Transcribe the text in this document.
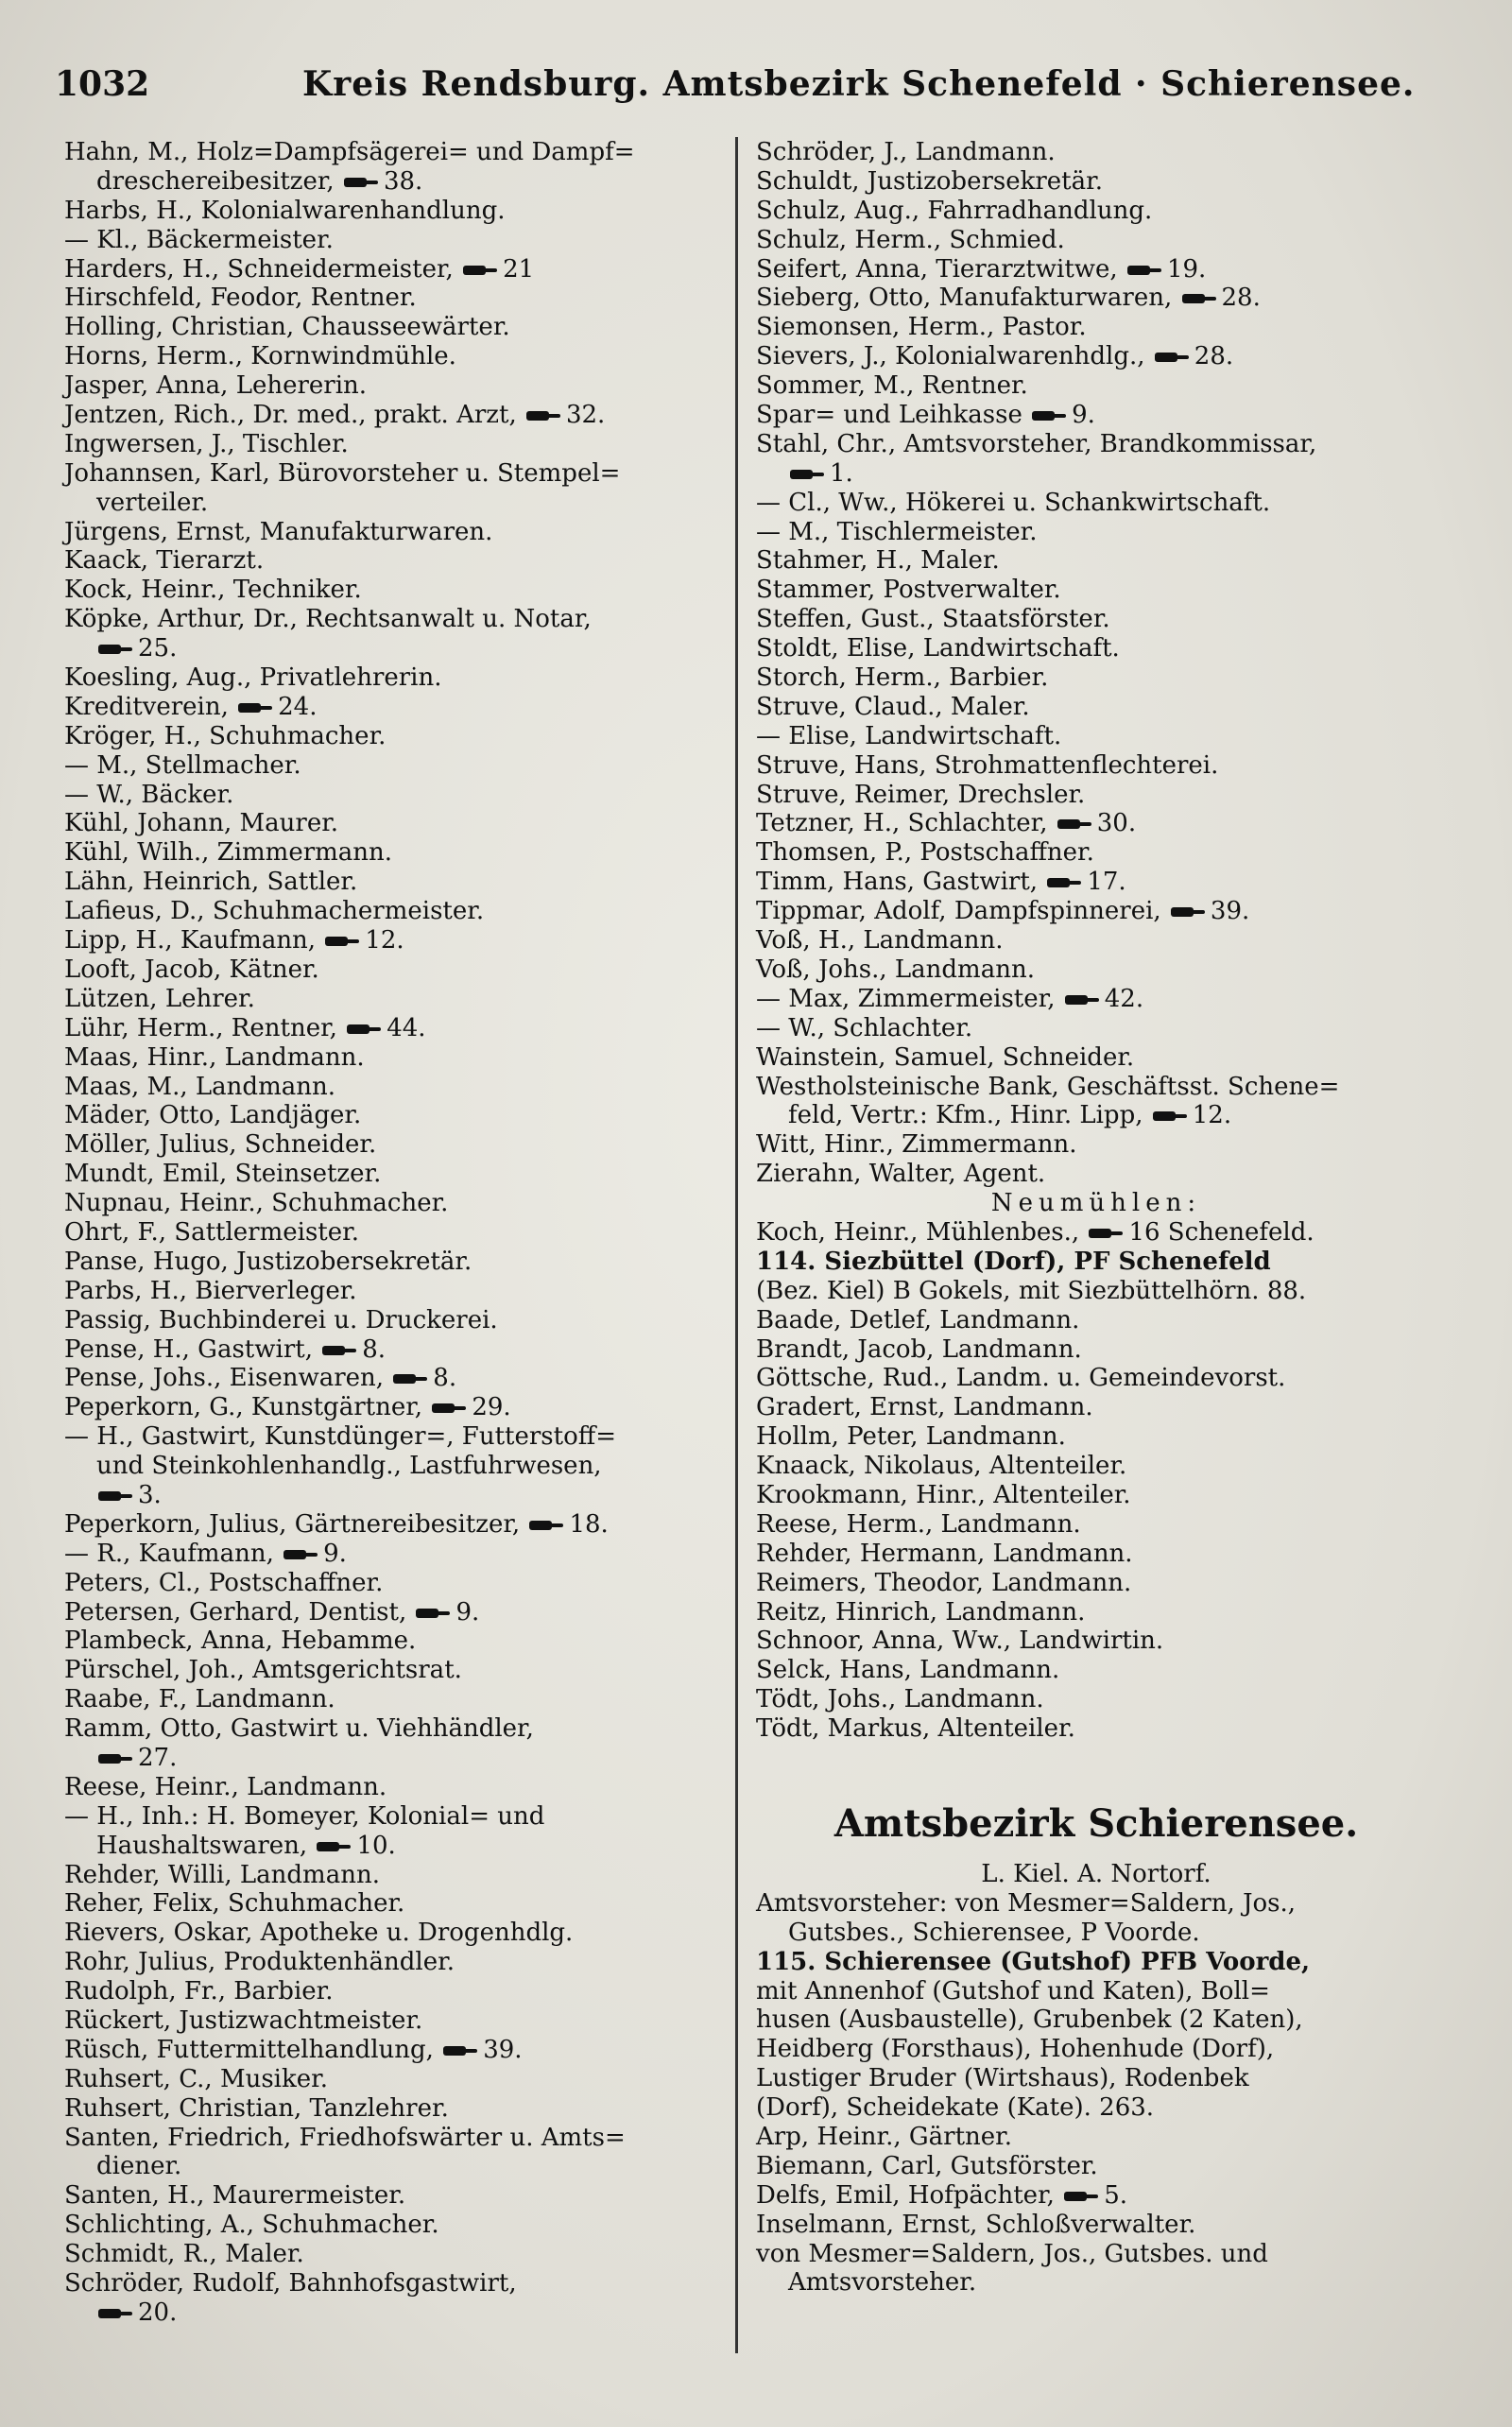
1032	Kreis Rendsburg. Amtsbezirk Schenefeld · Schierensee.
Hahn, M., Holz=Dampfsägerei= und Dampf=
dreschereibesitzer, 38.
Harbs, H., Kolonialwarenhandlung.
— Kl., Bäckermeister.
Harders, H., Schneidermeister, 21
Hirschfeld, Feodor, Rentner.
Holling, Christian, Chausseewärter.
Horns, Herm., Kornwindmühle.
Jasper, Anna, Lehererin.
Jentzen, Rich., Dr. med., prakt. Arzt, 32.
Ingwersen, J., Tischler.
Johannsen, Karl, Bürovorsteher u. Stempel=
verteiler.
Jürgens, Ernst, Manufakturwaren.
Kaack, Tierarzt.
Kock, Heinr., Techniker.
Köpke, Arthur, Dr., Rechtsanwalt u. Notar,
25.
Koesling, Aug., Privatlehrerin.
Kreditverein, 24.
Kröger, H., Schuhmacher.
— M., Stellmacher.
— W., Bäcker.
Kühl, Johann, Maurer.
Kühl, Wilh., Zimmermann.
Lähn, Heinrich, Sattler.
Lafieus, D., Schuhmachermeister.
Lipp, H., Kaufmann, 12.
Looft, Jacob, Kätner.
Lützen, Lehrer.
Lühr, Herm., Rentner, 44.
Maas, Hinr., Landmann.
Maas, M., Landmann.
Mäder, Otto, Landjäger.
Möller, Julius, Schneider.
Mundt, Emil, Steinsetzer.
Nupnau, Heinr., Schuhmacher.
Ohrt, F., Sattlermeister.
Panse, Hugo, Justizobersekretär.
Parbs, H., Bierverleger.
Passig, Buchbinderei u. Druckerei.
Pense, H., Gastwirt, 8.
Pense, Johs., Eisenwaren, 8.
Peperkorn, G., Kunstgärtner, 29.
— H., Gastwirt, Kunstdünger=, Futterstoff=
und Steinkohlenhandlg., Lastfuhrwesen,
3.
Peperkorn, Julius, Gärtnereibesitzer, 18.
— R., Kaufmann, 9.
Peters, Cl., Postschaffner.
Petersen, Gerhard, Dentist, 9.
Plambeck, Anna, Hebamme.
Pürschel, Joh., Amtsgerichtsrat.
Raabe, F., Landmann.
Ramm, Otto, Gastwirt u. Viehhändler,
27.
Reese, Heinr., Landmann.
— H., Inh.: H. Bomeyer, Kolonial= und
Haushaltswaren, 10.
Rehder, Willi, Landmann.
Reher, Felix, Schuhmacher.
Rievers, Oskar, Apotheke u. Drogenhdlg.
Rohr, Julius, Produktenhändler.
Rudolph, Fr., Barbier.
Rückert, Justizwachtmeister.
Rüsch, Futtermittelhandlung, 39.
Ruhsert, C., Musiker.
Ruhsert, Christian, Tanzlehrer.
Santen, Friedrich, Friedhofswärter u. Amts=
diener.
Santen, H., Maurermeister.
Schlichting, A., Schuhmacher.
Schmidt, R., Maler.
Schröder, Rudolf, Bahnhofsgastwirt,
20.
Schröder, J., Landmann.
Schuldt, Justizobersekretär.
Schulz, Aug., Fahrradhandlung.
Schulz, Herm., Schmied.
Seifert, Anna, Tierarztwitwe, 19.
Sieberg, Otto, Manufakturwaren, 28.
Siemonsen, Herm., Pastor.
Sievers, J., Kolonialwarenhdlg., 28.
Sommer, M., Rentner.
Spar= und Leihkasse 9.
Stahl, Chr., Amtsvorsteher, Brandkommissar,
1.
— Cl., Ww., Hökerei u. Schankwirtschaft.
— M., Tischlermeister.
Stahmer, H., Maler.
Stammer, Postverwalter.
Steffen, Gust., Staatsförster.
Stoldt, Elise, Landwirtschaft.
Storch, Herm., Barbier.
Struve, Claud., Maler.
— Elise, Landwirtschaft.
Struve, Hans, Strohmattenflechterei.
Struve, Reimer, Drechsler.
Tetzner, H., Schlachter, 30.
Thomsen, P., Postschaffner.
Timm, Hans, Gastwirt, 17.
Tippmar, Adolf, Dampfspinnerei, 39.
Voß, H., Landmann.
Voß, Johs., Landmann.
— Max, Zimmermeister, 42.
— W., Schlachter.
Wainstein, Samuel, Schneider.
Westholsteinische Bank, Geschäftsst. Schene=
feld, Vertr.: Kfm., Hinr. Lipp, 12.
Witt, Hinr., Zimmermann.
Zierahn, Walter, Agent.
Neumühlen:
Koch, Heinr., Mühlenbes., 16 Schenefeld.
114. Siezbüttel (Dorf), PF Schenefeld
(Bez. Kiel) B Gokels, mit Siezbüttelhörn. 88.
Baade, Detlef, Landmann.
Brandt, Jacob, Landmann.
Göttsche, Rud., Landm. u. Gemeindevorst.
Gradert, Ernst, Landmann.
Hollm, Peter, Landmann.
Knaack, Nikolaus, Altenteiler.
Krookmann, Hinr., Altenteiler.
Reese, Herm., Landmann.
Rehder, Hermann, Landmann.
Reimers, Theodor, Landmann.
Reitz, Hinrich, Landmann.
Schnoor, Anna, Ww., Landwirtin.
Selck, Hans, Landmann.
Tödt, Johs., Landmann.
Tödt, Markus, Altenteiler.
Amtsbezirk Schierensee.
L. Kiel. A. Nortorf.
Amtsvorsteher: von Mesmer=Saldern, Jos.,
Gutsbes., Schierensee, P Voorde.
115. Schierensee (Gutshof) PFB Voorde,
mit Annenhof (Gutshof und Katen), Boll=
husen (Ausbaustelle), Grubenbek (2 Katen),
Heidberg (Forsthaus), Hohenhude (Dorf),
Lustiger Bruder (Wirtshaus), Rodenbek
(Dorf), Scheidekate (Kate). 263.
Arp, Heinr., Gärtner.
Biemann, Carl, Gutsförster.
Delfs, Emil, Hofpächter, 5.
Inselmann, Ernst, Schloßverwalter.
von Mesmer=Saldern, Jos., Gutsbes. und
Amtsvorsteher.
